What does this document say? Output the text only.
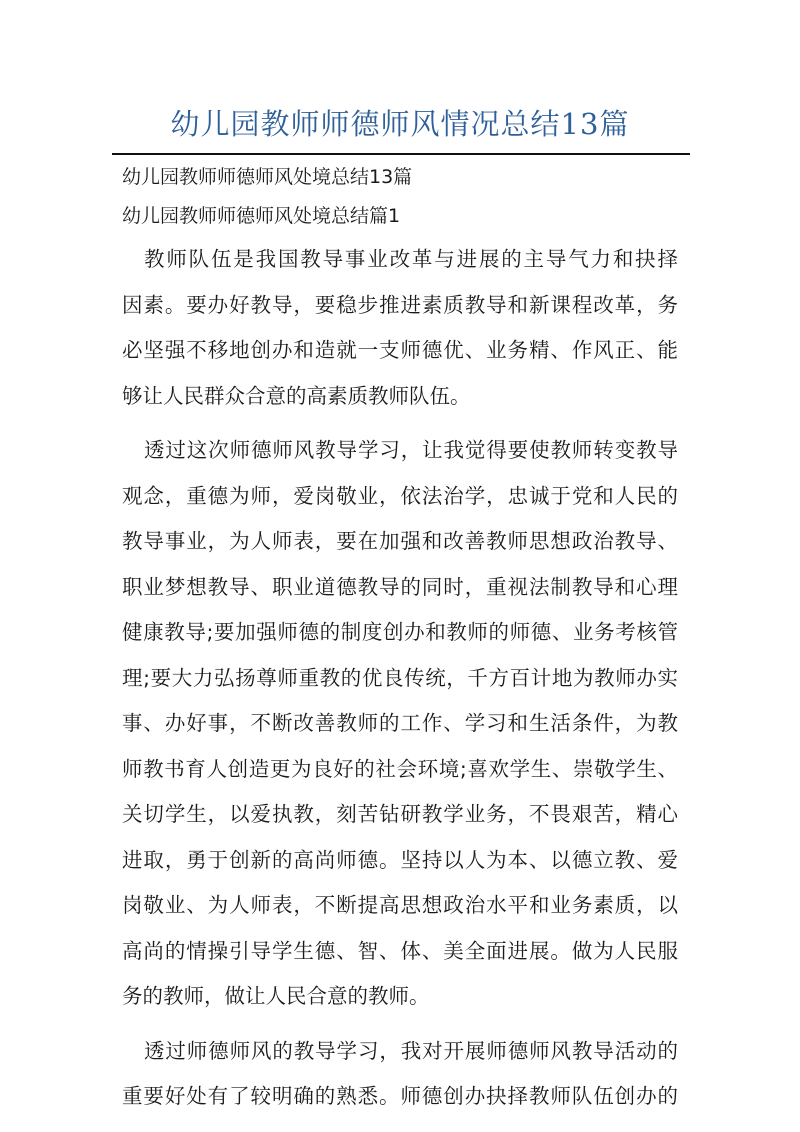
幼儿园教师师德师风情况总结13篇
幼儿园教师师德师风处境总结13篇
幼儿园教师师德师风处境总结篇1
教师队伍是我国教导事业改革与进展的主导气力和抉择
因素。要办好教导，要稳步推进素质教导和新课程改革，务
必坚强不移地创办和造就一支师德优、业务精、作风正、能
够让人民群众合意的高素质教师队伍。
透过这次师德师风教导学习，让我觉得要使教师转变教导
观念，重德为师，爱岗敬业，依法治学，忠诚于党和人民的
教导事业，为人师表，要在加强和改善教师思想政治教导、
职业梦想教导、职业道德教导的同时，重视法制教导和心理
健康教导;要加强师德的制度创办和教师的师德、业务考核管
理;要大力弘扬尊师重教的优良传统，千方百计地为教师办实
事、办好事，不断改善教师的工作、学习和生活条件，为教
师教书育人创造更为良好的社会环境;喜欢学生、崇敬学生、
关切学生，以爱执教，刻苦钻研教学业务，不畏艰苦，精心
进取，勇于创新的高尚师德。坚持以人为本、以德立教、爱
岗敬业、为人师表，不断提高思想政治水平和业务素质，以
高尚的情操引导学生德、智、体、美全面进展。做为人民服
务的教师，做让人民合意的教师。
透过师德师风的教导学习，我对开展师德师风教导活动的
重要好处有了较明确的熟悉。师德创办抉择教师队伍创办的
